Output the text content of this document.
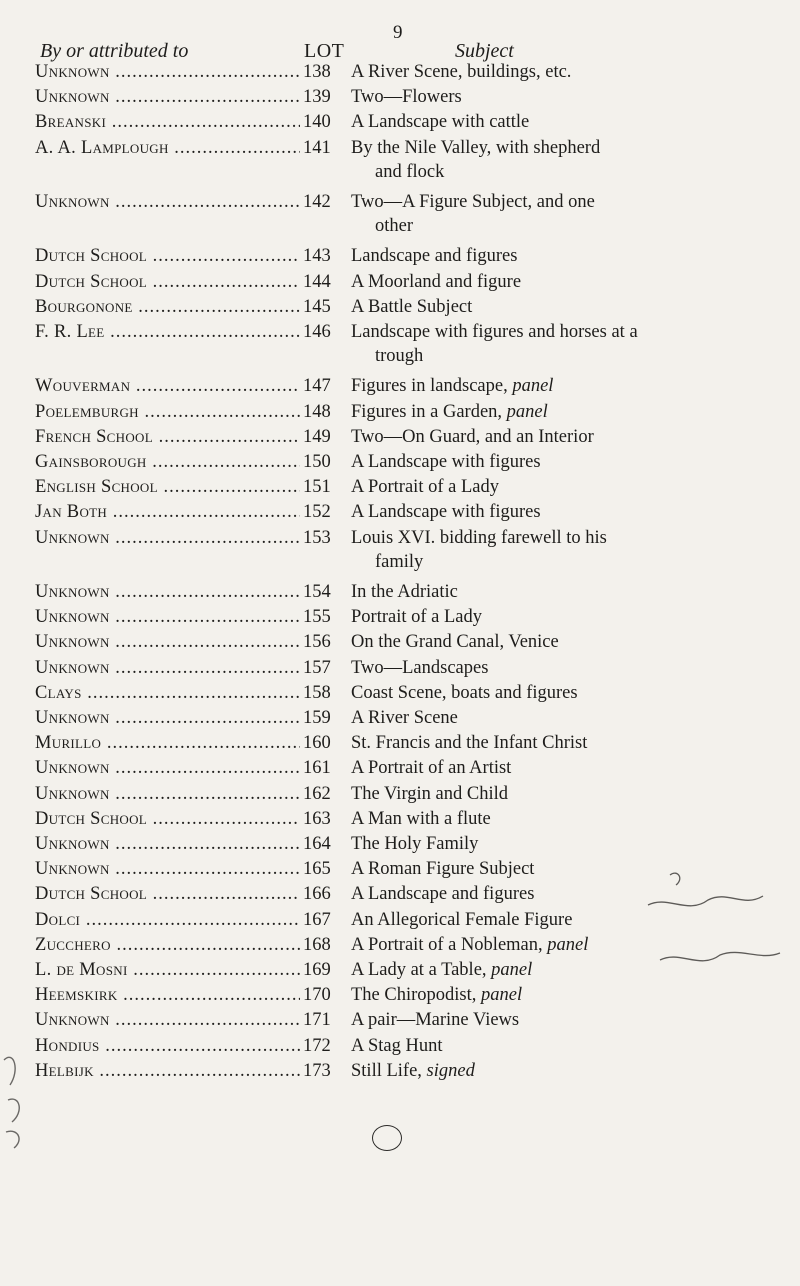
9
By or attributed to	LOT	Subject
Unknown .....	138	A River Scene, buildings, etc.
Unknown .....	139	Two—Flowers
Breanski .....	140	A Landscape with cattle
A. A. Lamplough .....	141	By the Nile Valley, with shepherd
and flock
Unknown .....	142	Two—A Figure Subject, and one
other
Dutch School .....	143	Landscape and figures
Dutch School .....	144	A Moorland and figure
Bourgonone .....	145	A Battle Subject
F. R. Lee .....	146	Landscape with figures and horses at a
trough
Wouverman .....	147	Figures in landscape, panel
Poelemburgh .....	148	Figures in a Garden, panel
French School .....	149	Two—On Guard, and an Interior
Gainsborough .....	150	A Landscape with figures
English School .....	151	A Portrait of a Lady
Jan Both .....	152	A Landscape with figures
Unknown .....	153	Louis XVI. bidding farewell to his
family
Unknown .....	154	In the Adriatic
Unknown .....	155	Portrait of a Lady
Unknown .....	156	On the Grand Canal, Venice
Unknown .....	157	Two—Landscapes
Clays .....	158	Coast Scene, boats and figures
Unknown .....	159	A River Scene
Murillo .....	160	St. Francis and the Infant Christ
Unknown .....	161	A Portrait of an Artist
Unknown .....	162	The Virgin and Child
Dutch School .....	163	A Man with a flute
Unknown .....	164	The Holy Family
Unknown .....	165	A Roman Figure Subject
Dutch School .....	166	A Landscape and figures
Dolci .....	167	An Allegorical Female Figure
Zucchero .....	168	A Portrait of a Nobleman, panel
L. de Mosni .....	169	A Lady at a Table, panel
Heemskirk .....	170	The Chiropodist, panel
Unknown .....	171	A pair—Marine Views
Hondius .....	172	A Stag Hunt
Helbijk .....	173	Still Life, signed
